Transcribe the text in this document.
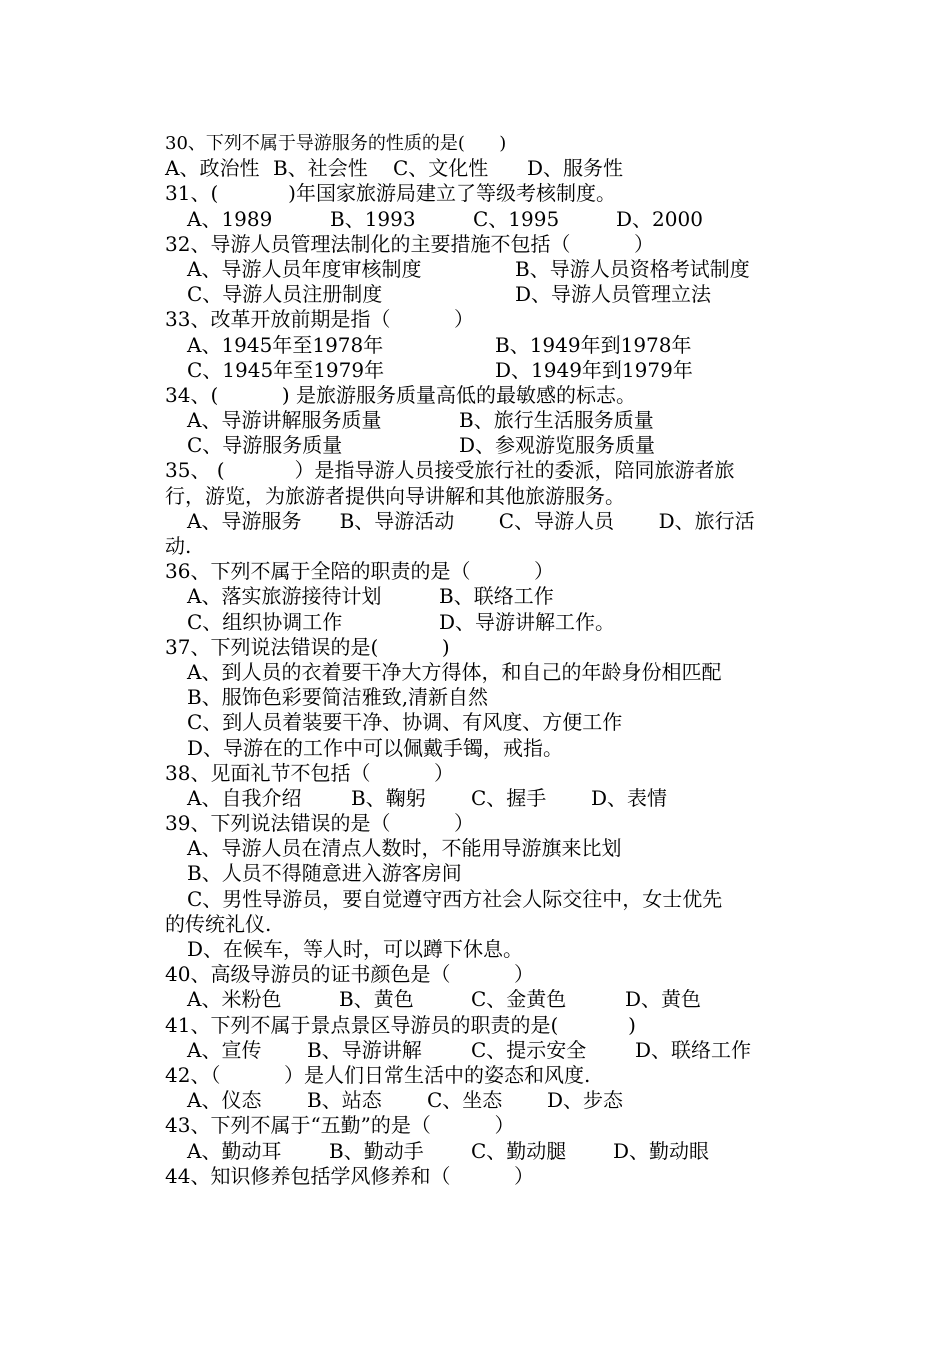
30、下列不属于导游服务的性质的是(      )
A、政治性 B、社会性 C、文化性 D、服务性
31、(           )年国家旅游局建立了等级考核制度。
A、1989	B、1993	C、1995	D、2000
32、导游人员管理法制化的主要措施不包括（          ）
A、导游人员年度审核制度	B、导游人员资格考试制度
C、导游人员注册制度	D、导游人员管理立法
33、改革开放前期是指（          ）
A、1945年至1978年	B、1949年到1978年
C、1945年至1979年	D、1949年到1979年
34、(          ) 是旅游服务质量高低的最敏感的标志。
A、导游讲解服务质量	B、旅行生活服务质量
C、导游服务质量	D、参观游览服务质量
35、 (           ）是指导游人员接受旅行社的委派，陪同旅游者旅
行，游览，为旅游者提供向导讲解和其他旅游服务。
A、导游服务      B、导游活动       C、导游人员       D、旅行活
动.
36、下列不属于全陪的职责的是（          ）
A、落实旅游接待计划	B、联络工作
C、组织协调工作	D、导游讲解工作。
37、下列说法错误的是(          )
A、到人员的衣着要干净大方得体，和自己的年龄身份相匹配
B、服饰色彩要简洁雅致,清新自然
C、到人员着装要干净、协调、有风度、方便工作
D、导游在的工作中可以佩戴手镯，戒指。
38、见面礼节不包括（          ）
A、自我介绍 B、鞠躬 C、握手 D、表情
39、下列说法错误的是（          ）
A、导游人员在清点人数时，不能用导游旗来比划
B、人员不得随意进入游客房间
C、男性导游员，要自觉遵守西方社会人际交往中，女士优先
的传统礼仪.
D、在候车，等人时，可以蹲下休息。
40、高级导游员的证书颜色是（          ）
A、米粉色	B、黄色	C、金黄色	D、黄色
41、下列不属于景点景区导游员的职责的是(           )
A、宣传 B、导游讲解 C、提示安全 D、联络工作
42、（          ）是人们日常生活中的姿态和风度.
A、仪态 B、站态 C、坐态 D、步态
43、下列不属于“五勤”的是（          ）
A、勤动耳 B、勤动手 C、勤动腿 D、勤动眼
44、知识修养包括学风修养和（          ）
